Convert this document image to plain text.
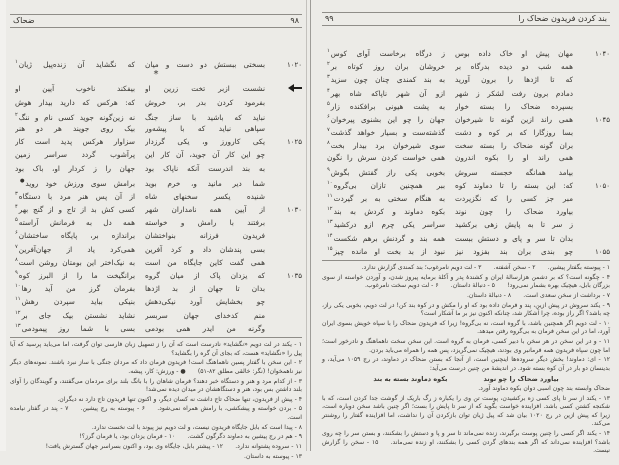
۹۸
ضحاک
۱۰۲۰
بسختی ببستش دو دست و میان
که نگشاید آن زنده‌پیل ژیان$^۱$
*
نشست ازبر تخت زرین او
بیفکند ناخوب آیین او
بفرمود کردن بدر بر، خروش
که: هرکس که دارید بیدار هوش
نباید که باشید با ساز جنگ
نه زین‌گونه جوید کسی نام و ننگ$^۲$
سپاهی نباید که با پیشه‌ور
بیک روی جویند هر دو هنر
۱۰۲۵
یکی کارورز و، یکی گرزدار
سزاوار هرکس پدید است کار
چو این کار آن جوید، آن کار این
پرآشوب گردد سراسر زمین
به بند اندرست آنکه ناپاک بود
جهان را ز کردار او، باک بود
شما دیر مانید و، خرم بوید
برامش سوی ورزش خود روید●
شنیده یکسر سخنهای شاه
از آن پس هنر مرد با دستگاه$^۳$
۱۰۳۰
از آیین همه نامداران شهر
کسی کش بد از تاج و از گنج بهر$^۴$
برفتند با رامش و خواسته
همه دل به فرمانش آراسته$^۵$
فریدون فرزانه بنواختشان
براندازه بر، پایگاه ساختشان$^۶$
بسی پندشان داد و کرد آفرین
همی‌کرد یاد از جهان‌آفرین$^۷$
همی گفت کاین جایگاه من است
به نیک‌اختر این بومتان روشن است$^۸$
۱۰۳۵
که یزدان پاک از میان گروه
برانگیخت ما را از البرز کوه$^۹$
بدان تا جهان از بد اژدها
بفرمان گرز من آید رها$^{۱۰}$
چو بخشایش آورد نیکی‌دهش
بنیکی بباید سپردن رهش$^{۱۱}$
منم کدخدای جهان سربسر
نشاید نشستن بیک جای بر$^{۱۲}$
وگرنه من ایدر همی بودمی
بسی با شما روز پیمودمی$^{۱۳}$

۱ - یکند در لت دویم «نگشاید» نادرست است که آن را ز تسهیل زبان فارسی توان گرفت، اما می‌باید پرسید که آیا پیل را «نگشاید» هست، که بجای آن گره را بگشاید؟

۲ - این سخن با گفتار پسین ناهماهنگ است! فریدون فرمان داد که مردان جنگی با ساز نبرد باشند. نمونه‌های دیگر نیز ناهمخوان! (نگر: خالقی مطلق ۸۲-۵۱)  ● - ورزش: کار، پیشه.

۳ - از کدام مرد و هنر و دستگاه خبر دهند؟ فرمان شاهان را با بانگ بلند برای مردمان می‌گفتند، و گویندگان را آوای بلند داشتن بس بود، هنر و دستگاهشان در میدان دیده نمی‌شد!

۴ - پیش از فریدون، تنها ضحاک تاج داشت نه کسان دیگر، و اکنون تنها فریدون تاج دارد نه دیگران.

۵ - بردن خواسته و پیشکشی، با رامش همراه نمی‌شود.  ۶ - پیوسته به رج پیشین.  ۷ - پند در گفتار نیامده است.

۸ - پیدا است که بابل جایگاه فریدون نیست، و لت دویم نیز پیوند با لت نخست ندارد.

۹ - هم در رج پیشین به دماوند دگرگون گشت.  ۱۰ - فرمان یزدان بود، یا فرمان گرز؟!

۱۱ - سروده پشتوانه ندارد.  ۱۲ - پیشتر بابل، جایگاه وی بود، و اکنون بسراسر جهان گسترش یافت!

۱۳ - پیوسته به داستان.

بند کردن فریدون ضحاک را
۹۹
۱۰۴۰
مهان پیش او خاک داده بوس
ز درگاه برخاست آوای کوس$^۱$
همه شب دو دیده بدرگاه بر
خروشان بران روز کوتاه بر$^۲$
که تا اژدها را برون آورید
به بند کمندی چنان چون سزید$^۳$
دمادم برون رفت لشکر ز شهر
ازو آن شهر ناپاکه شاه بهر$^۴$
بسپرده ضحاک را بسته خوار
به پشت هیونی برافکنده زار$^۵$
۱۰۴۵
همی راند ازین گونه تا شیرخوان
جهان را چو این بشنوی پیرخوان$^۶$
بسا روزگارا که بر کوه و دشت
گذشته‌ست و بسیار خواهد گذشت$^۷$
بران گونه ضحاک را بسته سخت
سوی شیرخوان برد بیدار بخت$^۸$
همی راند او را بکوه اندرون
همی خواست کردن سرش را نگون
بیامد همانگه خجسته سروش
بخوبی یکی راز گفتش بگوش$^۹$
۱۰۵۰
که: این بسته را تا دماوند کوه
ببر همچنین تازان بی‌گروه$^{۱۰}$
مبر جز کسی را که نگزیردت
به هنگام سختی به بر گیردت$^{۱۱}$
بیاورد ضحاک را چون نوند
بکوه دماوند و کردش به بند$^{۱۲}$
ز سر تا به پایش زهی برکشید
سراسر یکی چرم ازو درکشید$^{۱۳}$
بدان تا سر و پای و دستش ببست
همه بند و گردنش برهم شکست$^{۱۴}$
۱۰۵۵
چو بندی بران بند بفزود نیز
نبود از بد بخت او مانده چیز$^{۱۵}$

۱ - پیوسته بگفتار پیشین.  ۲ - سخن آشفته.  ۳ - لت دویم نامرغوب؛ بند کمندی گزارش ندارد.

۴ - چگونه است؟ که بر دشمن هزارسالهٔ ایران و کشندهٔ پدر و آکلهٔ برمایه پیروز شدن، و آوردن خواسته از سوی بزرگان بابل، هیچیک بهره بشمار نمی‌رود!  ۵ - دنبالهٔ داستان.  ۶ - لت دویم سخت نامرغوب.

۷ - برداشت از سخن سعدی است.  ۸ - دنبالهٔ داستان.

۹ - یکند سروش در پیش ازین، پند و فرمان داده بود که او را مکش و در کوه بند کن! در لت دویم، بخوبی یکی راز، چه باشد؟ اگر راز بوده، چرا آشکار شد، چنانکه اکنون نیز بر ما آشکار است؟

۱۰ - لت دویم اگر همچنین باشد، با گروه است، نه بی‌گروه! زیرا که فریدون ضحاک را با سپاه خویش بسوی ایران آورد، اما در این سخن فرمان به بی‌گروه رفتن میدهد.

۱۱ - و در این سخن در هر سخن با دبیر کسی، فرمان به گروه است. این سخن سخت ناهماهنگ و نادرخور است؛ اما چون سپاه فریدون همه فرمانبر وی بودند، هیچیک نمی‌گریزد، پس همه را همراه می‌باید بردن.

۱۲ - ای: دماوند! بخش دیگر سروده‌ها اینچنین است، از آنجا که بستن ضحاک در دماوند، در رج ۱۰۵۹ می‌آید، و بدینسان دو بار در آن کوه بسته شود. در اندیشهٔ من چنین درست می‌آید:

بیاورد ضحاک را چو نوند
بکوه دماوند بسته به بند

ضحاک وابسته بند چون اسبی دوان بکوه دماوند آورد.

۱۳ - یکند از سر تا پای کسی زه برکشیدن، پوست تن وی را یکباره ز رگ باریک از گوشت جدا کردن است، که با شکنجه کشتن کسی باشد. افزاینده خواست بگوید که از سر تا پایش را بست؛ اگر چنین باشد سخن دوباره است، زیرا که پیش ازین در رج ۱۰۲۰ بیان شد که پیل ژیان توان بازکردن آن را نداشت، اما افزاینده گفتار را روشنتر می‌کند.

۱۴ - یکند اگر کسی را چنین پوست برگیرند، زنده نمی‌ماند تا سر و پا و دستش را بشکنند، و بستن سر را چه روی باشد؟ افزاینده نمی‌داند که اگر همه بندهای گردن کسی را بشکنند، او زنده نمی‌ماند.  ۱۵ - سخن را گزارش نیست.
